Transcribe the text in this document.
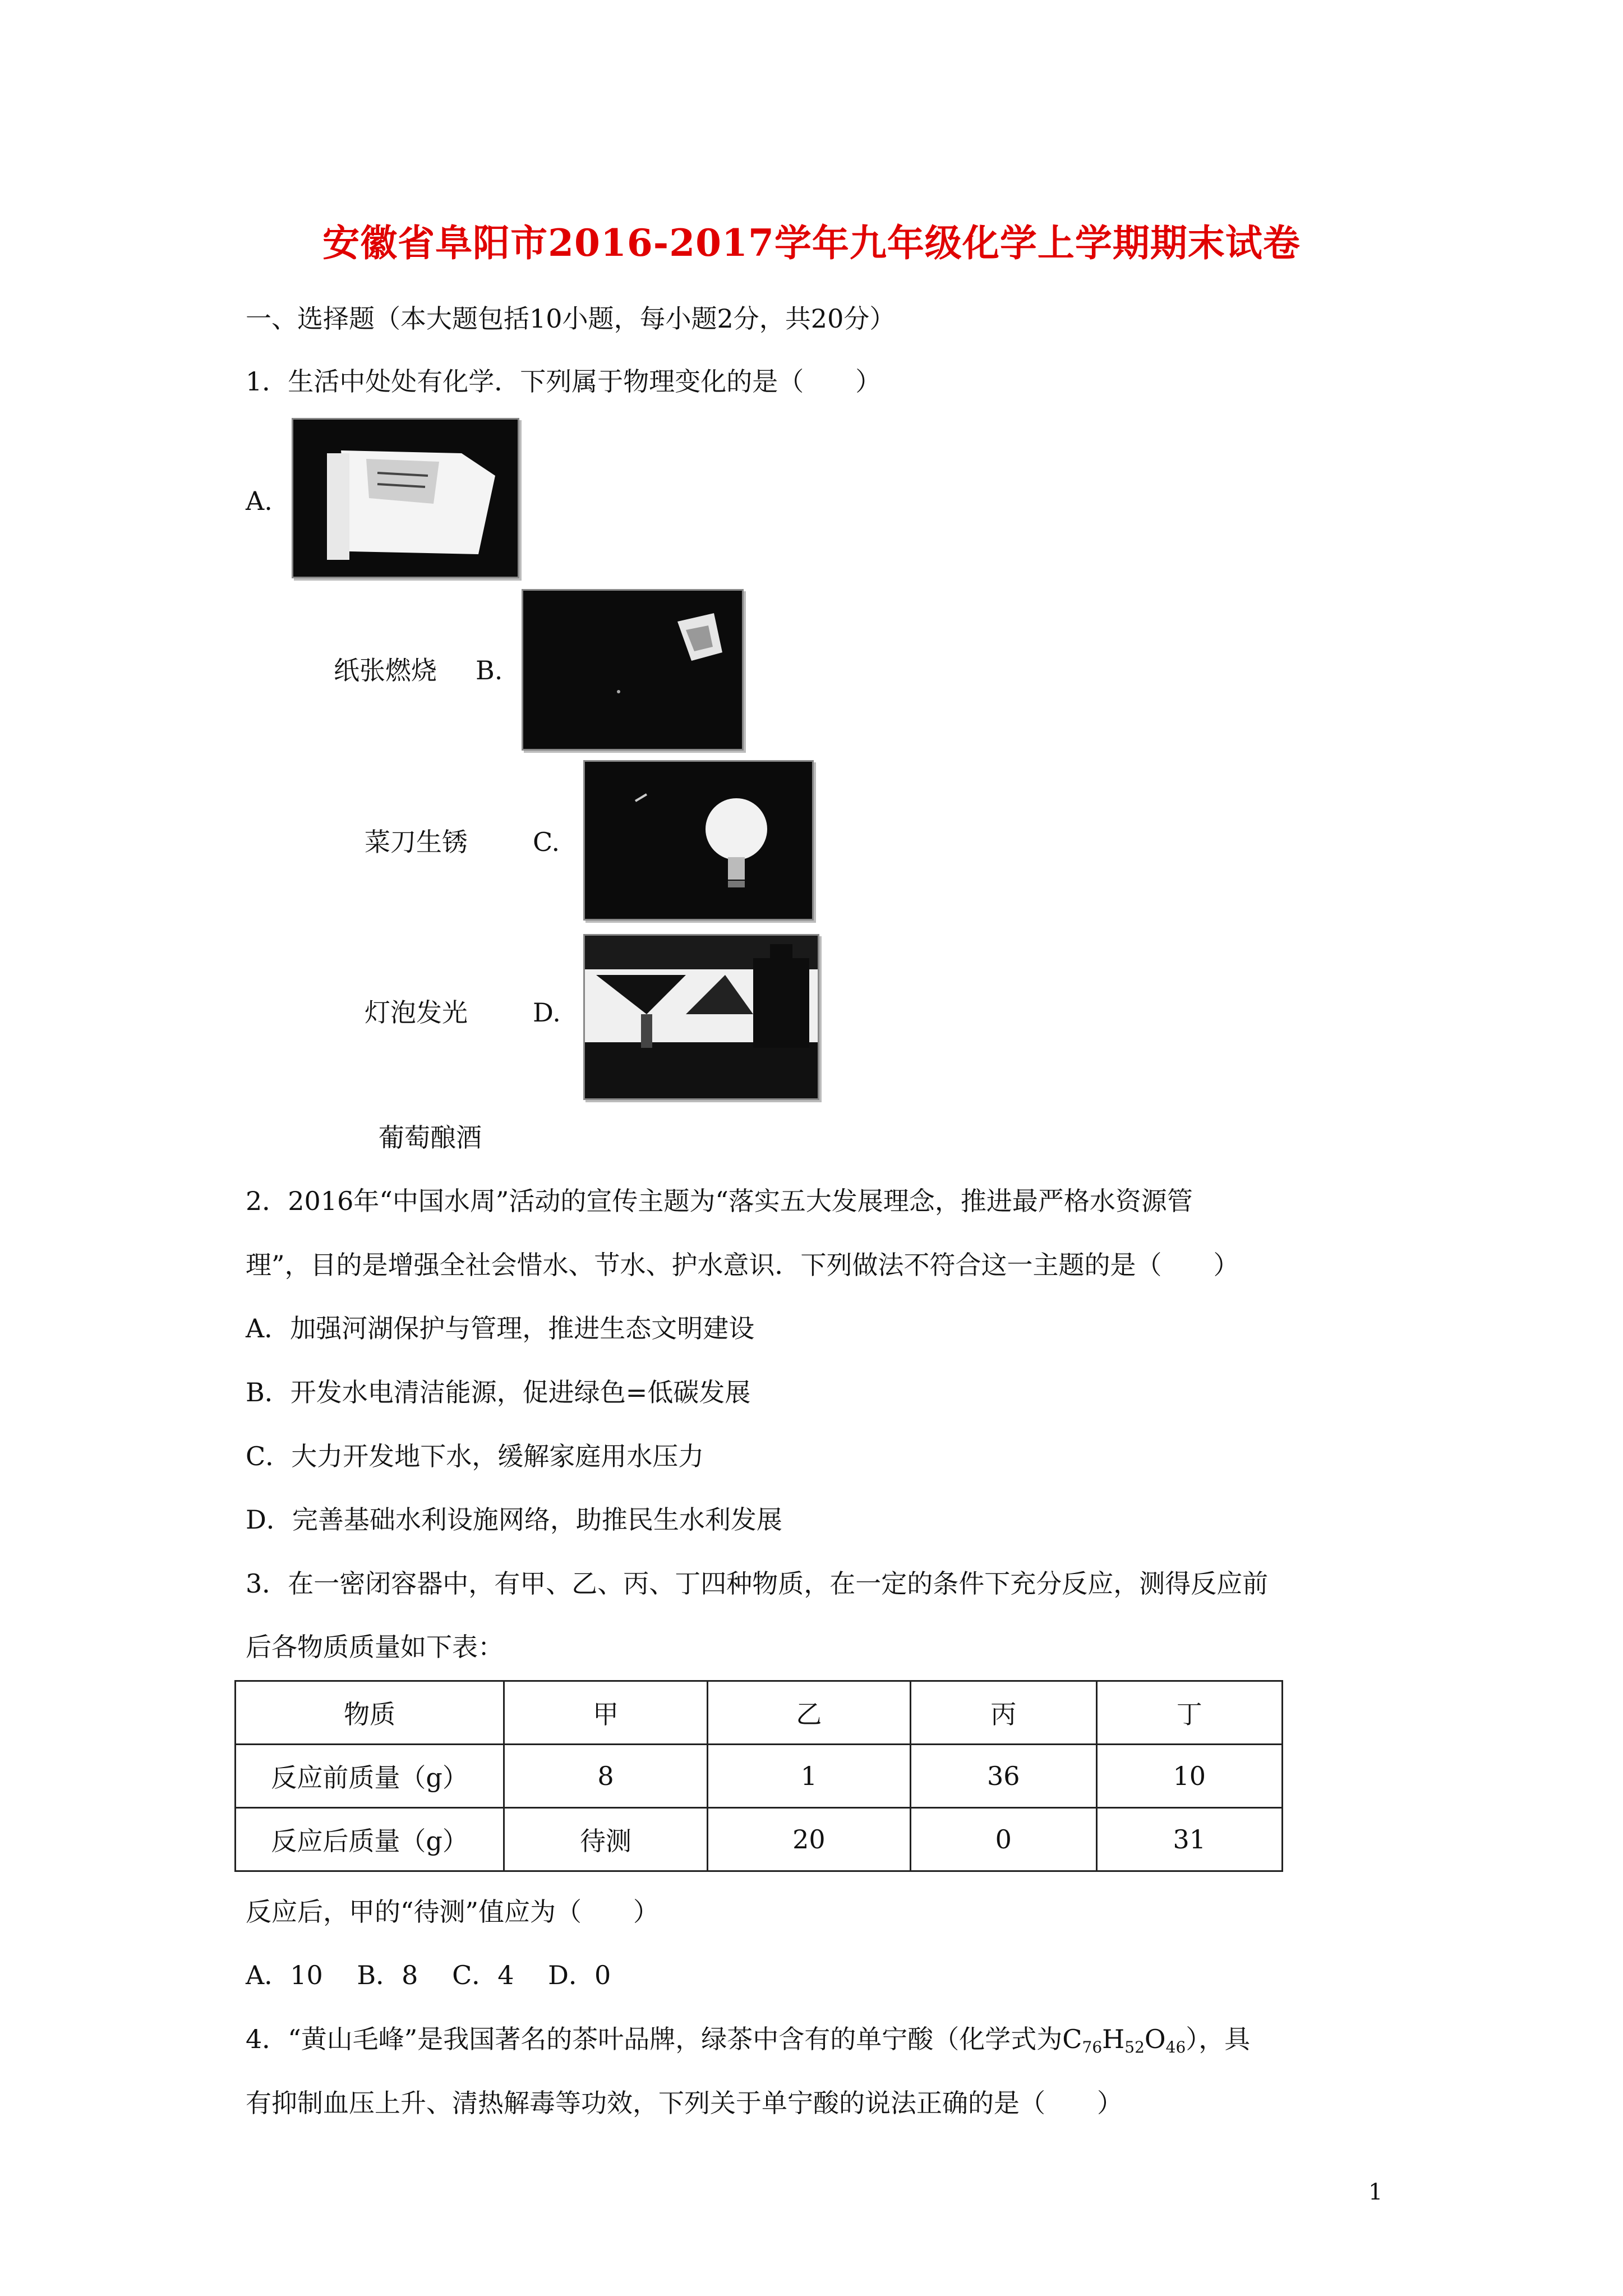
安徽省阜阳市2016-2017学年九年级化学上学期期末试卷
一、选择题（本大题包括10小题，每小题2分，共20分）
1．生活中处处有化学．下列属于物理变化的是（　　）
A.
纸张燃烧 B.
菜刀生锈	C.
灯泡发光	D.
葡萄酿酒
2．2016年“中国水周”活动的宣传主题为“落实五大发展理念，推进最严格水资源管
理”，目的是增强全社会惜水、节水、护水意识．下列做法不符合这一主题的是（　　）
A．加强河湖保护与管理，推进生态文明建设
B．开发水电清洁能源，促进绿色=低碳发展
C．大力开发地下水，缓解家庭用水压力
D．完善基础水利设施网络，助推民生水利发展
3．在一密闭容器中，有甲、乙、丙、丁四种物质，在一定的条件下充分反应，测得反应前
后各物质质量如下表：
物质	甲	乙	丙	丁
反应前质量（g）	8	1	36	10
反应后质量（g）	待测	20	0	31
反应后，甲的“待测”值应为（　　）
A．10　 B．8　 C．4　 D．0
4．“黄山毛峰”是我国著名的茶叶品牌，绿茶中含有的单宁酸（化学式为$C_{76}H_{52}O_{46}$），具
有抑制血压上升、清热解毒等功效，下列关于单宁酸的说法正确的是（　　）
1
